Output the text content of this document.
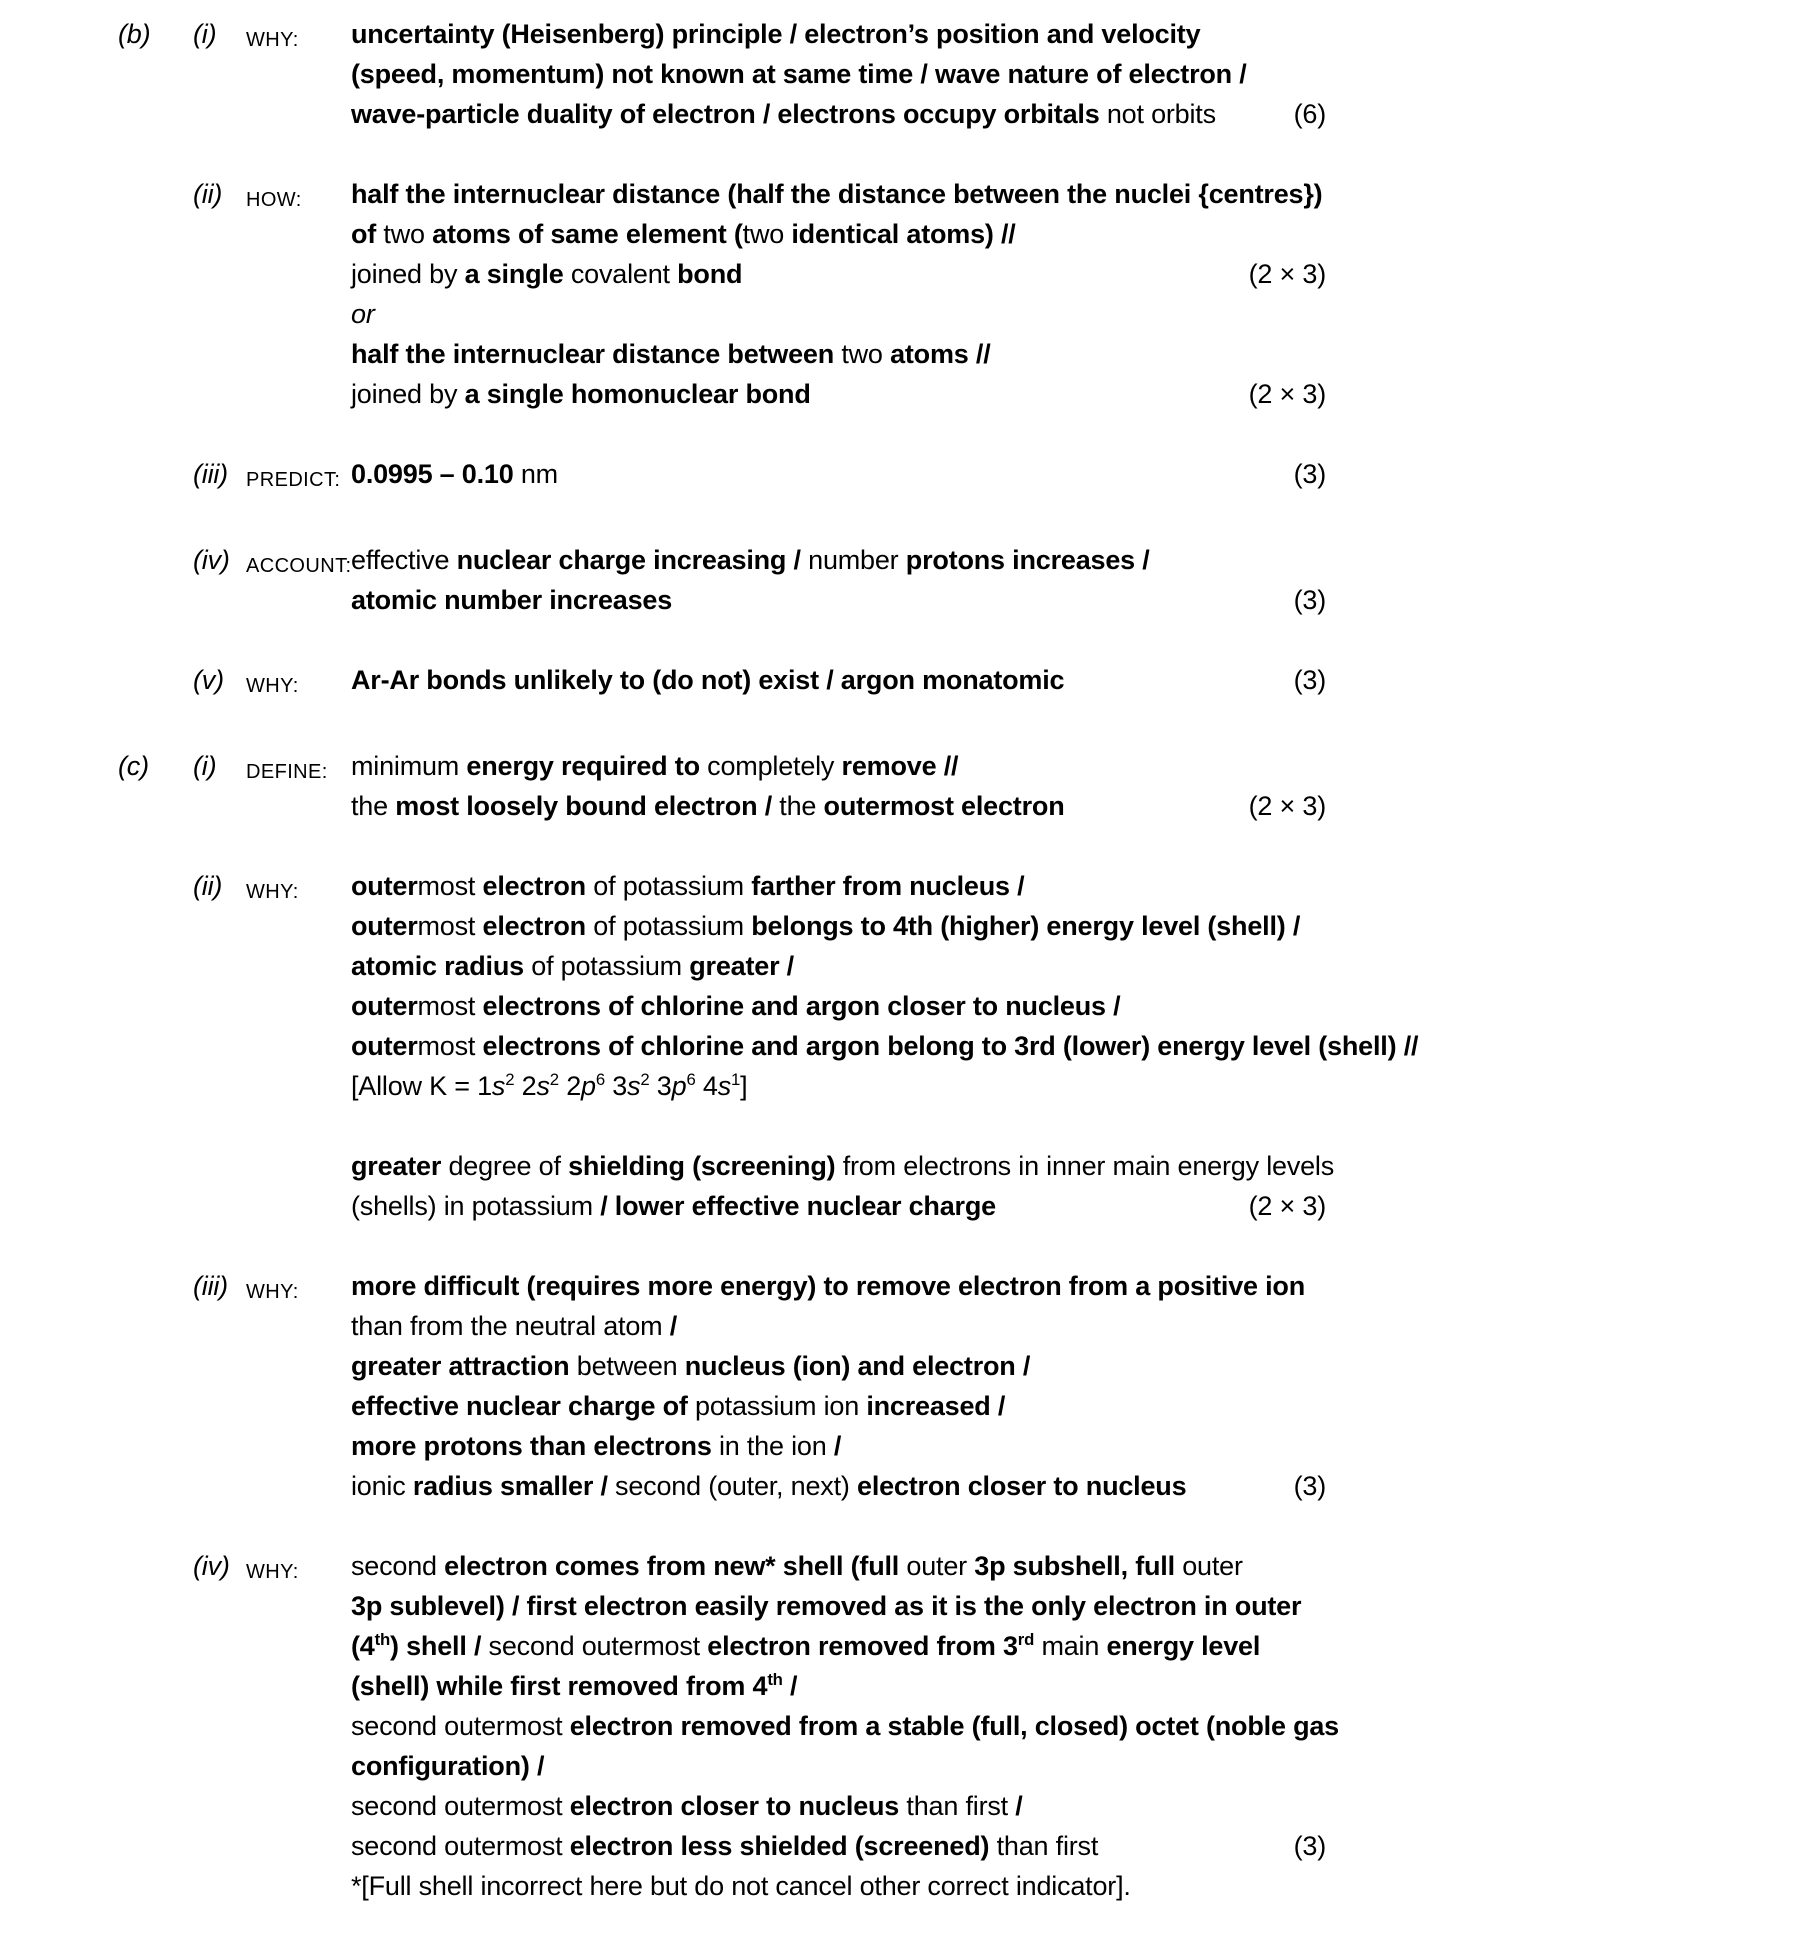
(b)	(i)	WHY:	uncertainty (Heisenberg) principle / electron’s position and velocity
(speed, momentum) not known at same time / wave nature of electron /
wave-particle duality of electron / electrons occupy orbitals not orbits	(6)
(ii)	HOW:	half the internuclear distance (half the distance between the nuclei {centres})
of two atoms of same element (two identical atoms) //
joined by a single covalent bond	(2 × 3)
or
half the internuclear distance between two atoms //
joined by a single homonuclear bond	(2 × 3)
(iii) PREDICT: 0.0995 – 0.10 nm	(3)
(iv) ACCOUNT: effective nuclear charge increasing / number protons increases /
atomic number increases	(3)
(v)	WHY:	Ar-Ar bonds unlikely to (do not) exist / argon monatomic	(3)
(c)	(i)	DEFINE: minimum energy required to completely remove //
the most loosely bound electron / the outermost electron	(2 × 3)
(ii)	WHY:	outermost electron of potassium farther from nucleus /
outermost electron of potassium belongs to 4th (higher) energy level (shell) /
atomic radius of potassium greater /
outermost electrons of chlorine and argon closer to nucleus /
outermost electrons of chlorine and argon belong to 3rd (lower) energy level (shell) //
[Allow $K = 1s^2$ $2s^2$ $2p^6$ $3s^2$ $3p^6$ $4s^1$]
greater degree of shielding (screening) from electrons in inner main energy levels
(shells) in potassium / lower effective nuclear charge	(2 × 3)
(iii) WHY:	more difficult (requires more energy) to remove electron from a positive ion
than from the neutral atom /
greater attraction between nucleus (ion) and electron /
effective nuclear charge of potassium ion increased /
more protons than electrons in the ion /
ionic radius smaller / second (outer, next) electron closer to nucleus	(3)
(iv) WHY:	second electron comes from new* shell (full outer 3p subshell, full outer
3p sublevel) / first electron easily removed as it is the only electron in outer
(4th) shell / second outermost electron removed from 3rd main energy level
(shell) while first removed from 4th /
second outermost electron removed from a stable (full, closed) octet (noble gas
configuration) /
second outermost electron closer to nucleus than first /
second outermost electron less shielded (screened) than first	(3)
*[Full shell incorrect here but do not cancel other correct indicator].
